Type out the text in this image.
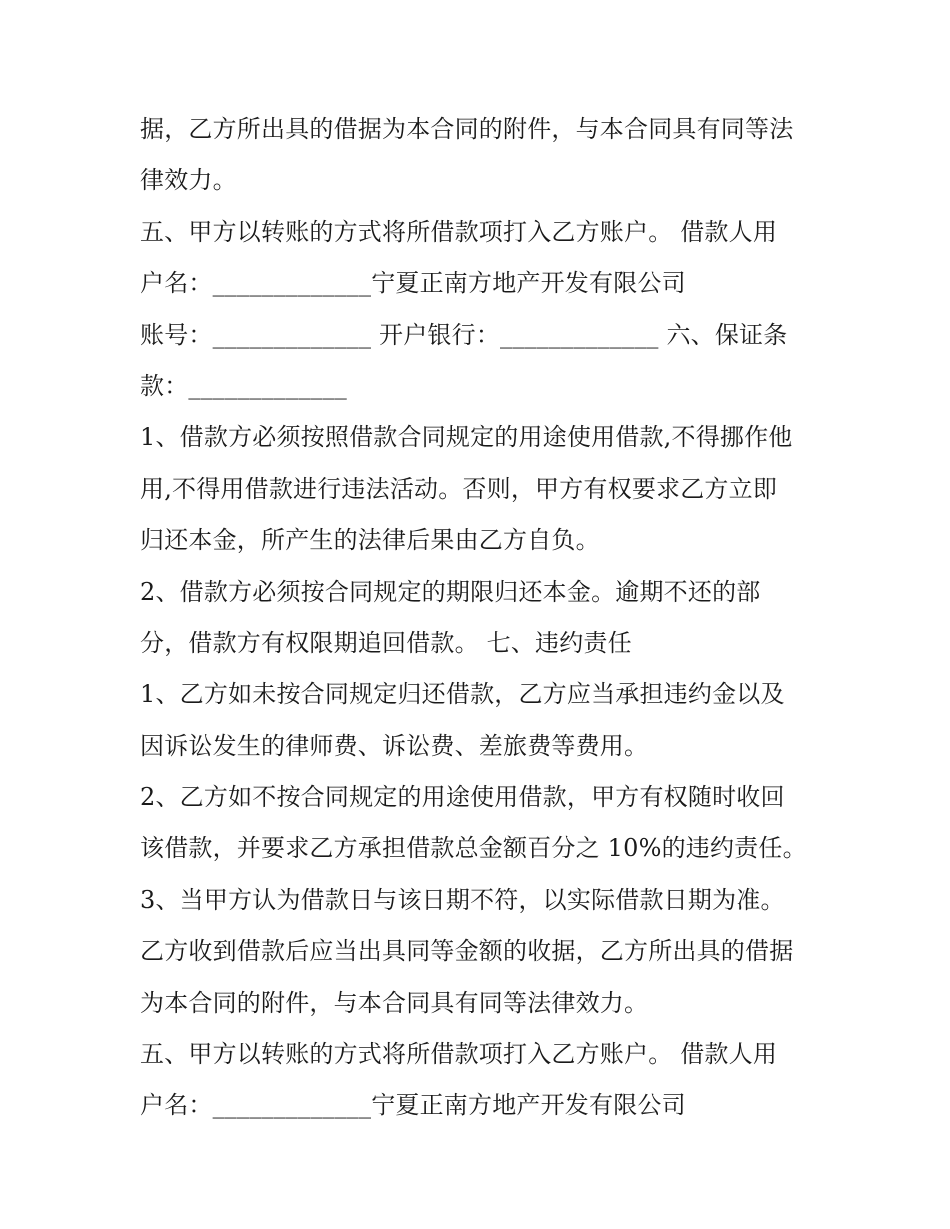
据，乙方所出具的借据为本合同的附件，与本合同具有同等法
律效力。
五、甲方以转账的方式将所借款项打入乙方账户。 借款人用
户名：_____________宁夏正南方地产开发有限公司
账号：_____________ 开户银行：_____________ 六、保证条
款：_____________
1、借款方必须按照借款合同规定的用途使用借款,不得挪作他
用,不得用借款进行违法活动。否则，甲方有权要求乙方立即
归还本金，所产生的法律后果由乙方自负。
2、借款方必须按合同规定的期限归还本金。逾期不还的部
分，借款方有权限期追回借款。 七、违约责任
1、乙方如未按合同规定归还借款，乙方应当承担违约金以及
因诉讼发生的律师费、诉讼费、差旅费等费用。
2、乙方如不按合同规定的用途使用借款，甲方有权随时收回
该借款，并要求乙方承担借款总金额百分之 10%的违约责任。
3、当甲方认为借款日与该日期不符，以实际借款日期为准。
乙方收到借款后应当出具同等金额的收据，乙方所出具的借据
为本合同的附件，与本合同具有同等法律效力。
五、甲方以转账的方式将所借款项打入乙方账户。 借款人用
户名：_____________宁夏正南方地产开发有限公司
